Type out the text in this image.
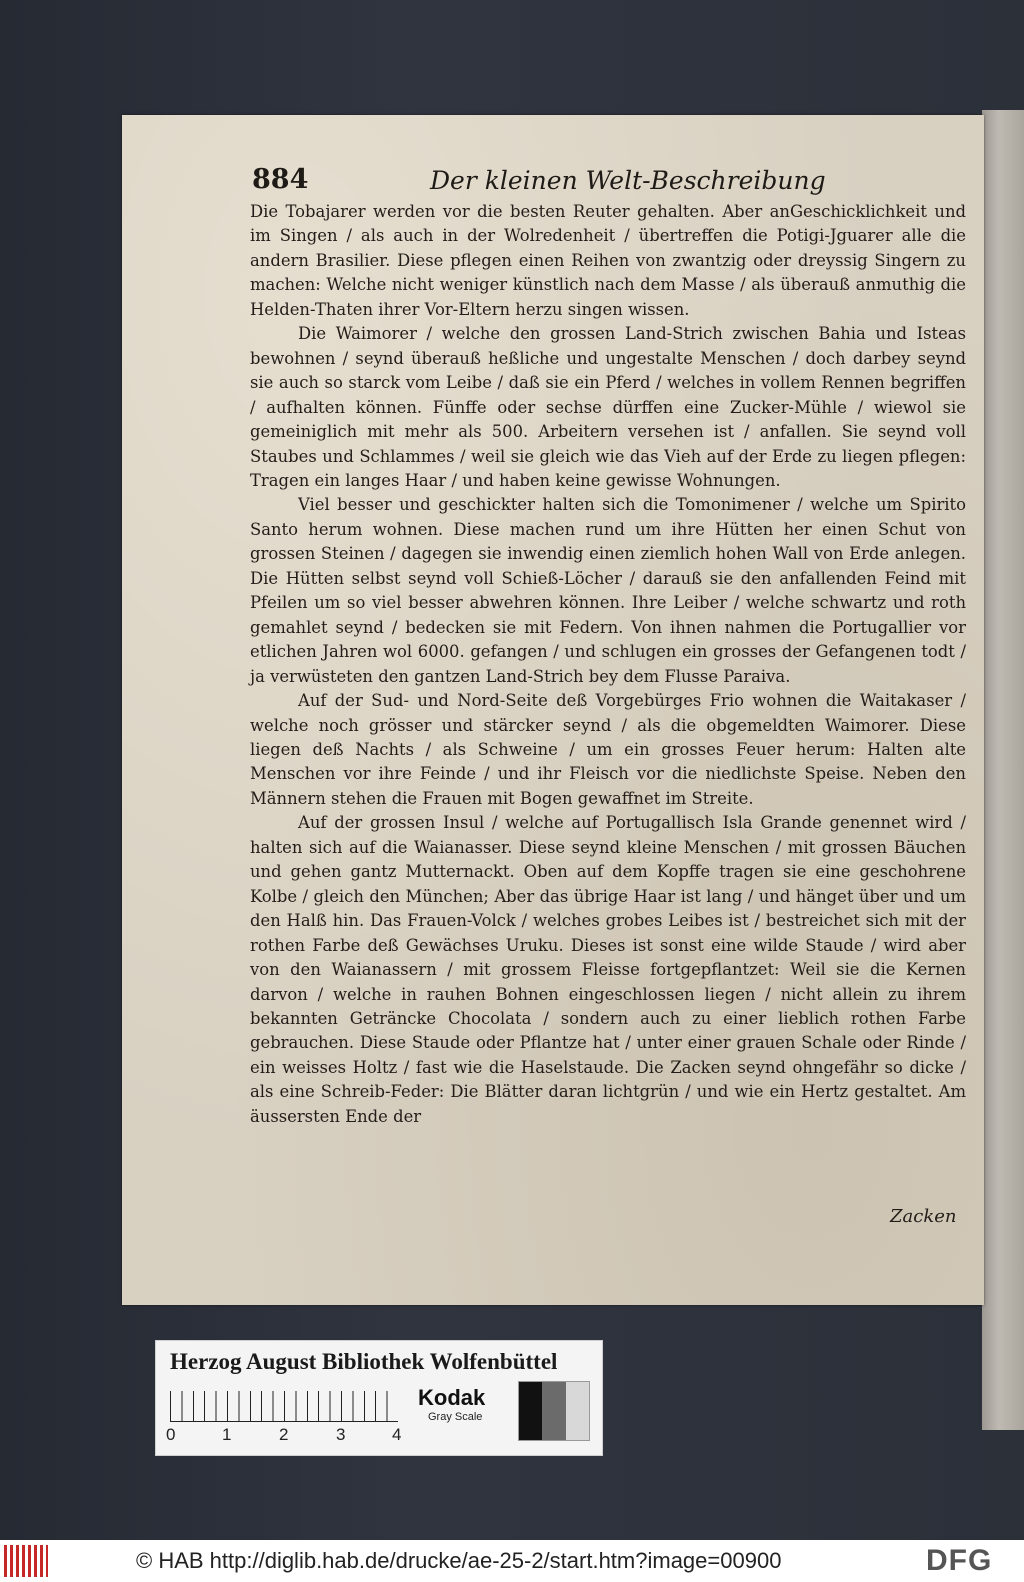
884	Der kleinen Welt-Beschreibung

Die Tobajarer werden vor die besten Reuter gehalten. Aber anGeschicklichkeit und im Singen / als auch in der Wolredenheit / übertreffen die Potigi-Jguarer alle die andern Brasilier. Diese pflegen einen Reihen von zwantzig oder dreyssig Singern zu machen: Welche nicht weniger künstlich nach dem Masse / als überauß anmuthig die Helden-Thaten ihrer Vor-Eltern herzu singen wissen.

Die Waimorer / welche den grossen Land-Strich zwischen Bahia und Isteas bewohnen / seynd überauß heßliche und ungestalte Menschen / doch darbey seynd sie auch so starck vom Leibe / daß sie ein Pferd / welches in vollem Rennen begriffen / aufhalten können. Fünffe oder sechse dürffen eine Zucker-Mühle / wiewol sie gemeiniglich mit mehr als 500. Arbeitern versehen ist / anfallen. Sie seynd voll Staubes und Schlammes / weil sie gleich wie das Vieh auf der Erde zu liegen pflegen: Tragen ein langes Haar / und haben keine gewisse Wohnungen.

Viel besser und geschickter halten sich die Tomonimener / welche um Spirito Santo herum wohnen. Diese machen rund um ihre Hütten her einen Schut von grossen Steinen / dagegen sie inwendig einen ziemlich hohen Wall von Erde anlegen. Die Hütten selbst seynd voll Schieß-Löcher / darauß sie den anfallenden Feind mit Pfeilen um so viel besser abwehren können. Ihre Leiber / welche schwartz und roth gemahlet seynd / bedecken sie mit Federn. Von ihnen nahmen die Portugallier vor etlichen Jahren wol 6000. gefangen / und schlugen ein grosses der Gefangenen todt / ja verwüsteten den gantzen Land-Strich bey dem Flusse Paraiva.

Auf der Sud- und Nord-Seite deß Vorgebürges Frio wohnen die Waitakaser / welche noch grösser und stärcker seynd / als die obgemeldten Waimorer. Diese liegen deß Nachts / als Schweine / um ein grosses Feuer herum: Halten alte Menschen vor ihre Feinde / und ihr Fleisch vor die niedlichste Speise. Neben den Männern stehen die Frauen mit Bogen gewaffnet im Streite.

Auf der grossen Insul / welche auf Portugallisch Isla Grande genennet wird / halten sich auf die Waianasser. Diese seynd kleine Menschen / mit grossen Bäuchen und gehen gantz Mutternackt. Oben auf dem Kopffe tragen sie eine geschohrene Kolbe / gleich den München; Aber das übrige Haar ist lang / und hänget über und um den Halß hin. Das Frauen-Volck / welches grobes Leibes ist / bestreichet sich mit der rothen Farbe deß Gewächses Uruku. Dieses ist sonst eine wilde Staude / wird aber von den Waianassern / mit grossem Fleisse fortgepflantzet: Weil sie die Kernen darvon / welche in rauhen Bohnen eingeschlossen liegen / nicht allein zu ihrem bekannten Geträncke Chocolata / sondern auch zu einer lieblich rothen Farbe gebrauchen. Diese Staude oder Pflantze hat / unter einer grauen Schale oder Rinde / ein weisses Holtz / fast wie die Haselstaude. Die Zacken seynd ohngefähr so dicke / als eine Schreib-Feder: Die Blätter daran lichtgrün / und wie ein Hertz gestaltet. Am äussersten Ende der

Zacken
Herzog August Bibliothek Wolfenbüttel
0	1	2	3	4
Kodak
Gray Scale
© HAB http://diglib.hab.de/drucke/ae-25-2/start.htm?image=00900	DFG
